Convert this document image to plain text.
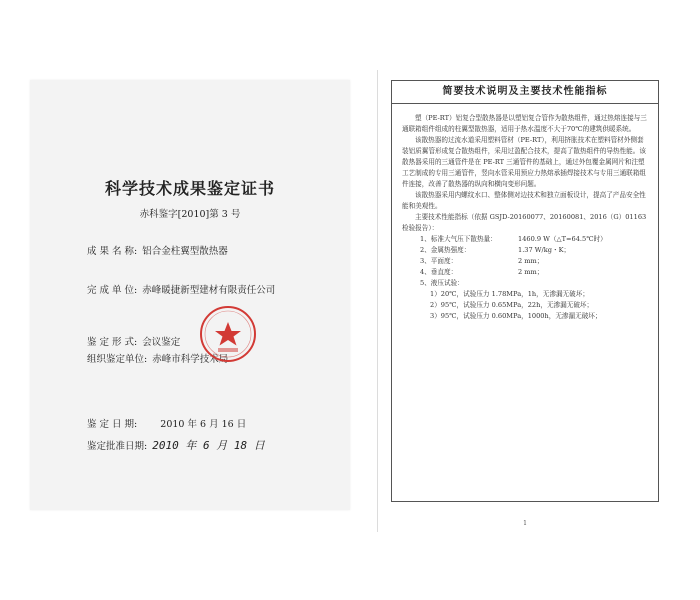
科学技术成果鉴定证书
赤科鉴字[2010]第 3 号
成 果 名 称: 铝合金柱翼型散热器
完 成 单 位: 赤峰暖捷新型建材有限责任公司
鉴 定 形 式: 会议鉴定
组织鉴定单位: 赤峰市科学技术局
鉴 定 日 期: 2010 年 6 月 16 日
鉴定批准日期: 2010 年 6 月 18 日
简要技术说明及主要技术性能指标

塑（PE-RT）铝复合型散热器是以塑铝复合管作为散热组件，通过热熔连接与三通联箱组件组成的柱翼型散热器，适用于热水温度不大于70℃的建筑供暖系统。

该散热器的过流水道采用塑料管材（PE-RT），利用挤胀技术在塑料管材外侧套装铝质翼管形成复合散热组件，采用过盈配合技术，提高了散热组件的导热性能。该散热器采用的三通管件是在 PE-RT 三通管件的基础上，通过外包覆金属网片和注塑工艺制成的专用三通管件，竖向水管采用预应力热熔承插焊接技术与专用三通联箱组件连接，改善了散热器的纵向和横向变形问题。

该散热器采用内螺纹水口、整体侧对边技术和独立面板设计，提高了产品安全性能和美观性。

主要技术性能指标（依据 GSJD-20160077、20160081、2016（G）01163 检验报告）：

1、标准大气压下散热量：	1460.9 W（△T=64.5℃时）
2、金属热强度：	1.37 W/kg・K；
3、平面度：	2 mm；
4、垂直度：	2 mm；
5、液压试验：
1）20℃，试验压力 1.78MPa，1h，无渗漏无破坏；
2）95℃，试验压力 0.65MPa，22h，无渗漏无破坏；
3）95℃，试验压力 0.60MPa，1000h，无渗漏无破坏；
1
